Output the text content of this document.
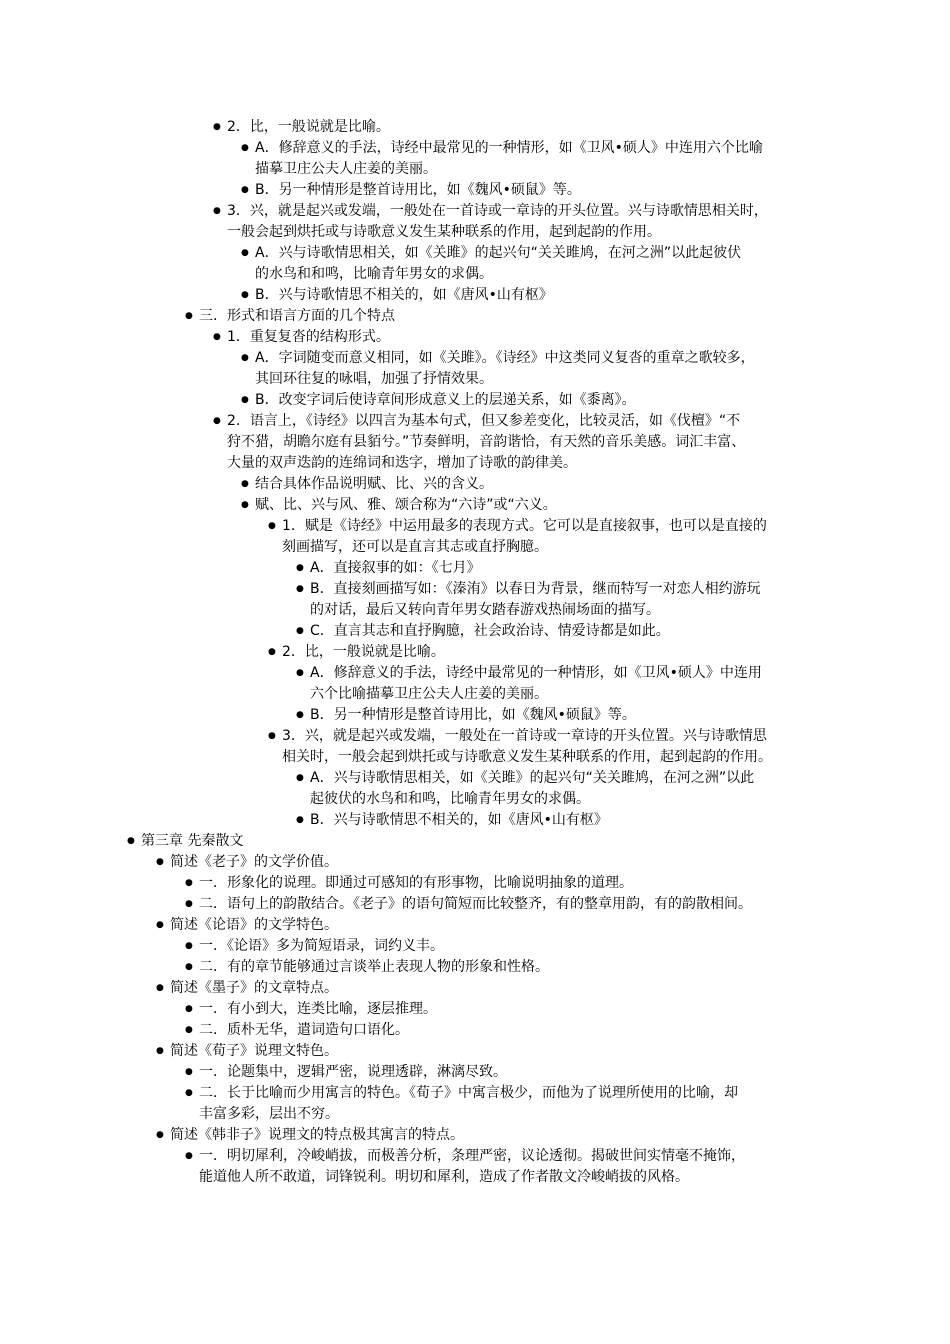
● 2．比，一般说就是比喻。
● A．修辞意义的手法，诗经中最常见的一种情形，如《卫风•硕人》中连用六个比喻
描摹卫庄公夫人庄姜的美丽。
● B．另一种情形是整首诗用比，如《魏风•硕鼠》等。
● 3．兴，就是起兴或发端，一般处在一首诗或一章诗的开头位置。兴与诗歌情思相关时，
一般会起到烘托或与诗歌意义发生某种联系的作用，起到起韵的作用。
● A．兴与诗歌情思相关，如《关雎》的起兴句“关关雎鸠，在河之洲”以此起彼伏
的水鸟和和鸣，比喻青年男女的求偶。
● B．兴与诗歌情思不相关的，如《唐风•山有枢》
● 三．形式和语言方面的几个特点
● 1．重复复沓的结构形式。
● A．字词随变而意义相同，如《关雎》。《诗经》中这类同义复沓的重章之歌较多，
其回环往复的咏唱，加强了抒情效果。
● B．改变字词后使诗章间形成意义上的层递关系，如《黍离》。
● 2．语言上，《诗经》以四言为基本句式，但又参差变化，比较灵活，如《伐檀》“不
狩不猎，胡瞻尔庭有县貊兮。”节奏鲜明，音韵谐恰，有天然的音乐美感。词汇丰富、
大量的双声迭韵的连绵词和迭字，增加了诗歌的韵律美。
● 结合具体作品说明赋、比、兴的含义。
● 赋、比、兴与风、雅、颂合称为“六诗”或“六义。
● 1．赋是《诗经》中运用最多的表现方式。它可以是直接叙事，也可以是直接的
刻画描写，还可以是直言其志或直抒胸臆。
● A．直接叙事的如：《七月》
● B．直接刻画描写如：《溱洧》以春日为背景，继而特写一对恋人相约游玩
的对话，最后又转向青年男女踏春游戏热闹场面的描写。
● C．直言其志和直抒胸臆，社会政治诗、情爱诗都是如此。
● 2．比，一般说就是比喻。
● A．修辞意义的手法，诗经中最常见的一种情形，如《卫风•硕人》中连用
六个比喻描摹卫庄公夫人庄姜的美丽。
● B．另一种情形是整首诗用比，如《魏风•硕鼠》等。
● 3．兴，就是起兴或发端，一般处在一首诗或一章诗的开头位置。兴与诗歌情思
相关时，一般会起到烘托或与诗歌意义发生某种联系的作用，起到起韵的作用。
● A．兴与诗歌情思相关，如《关雎》的起兴句“关关雎鸠，在河之洲”以此
起彼伏的水鸟和和鸣，比喻青年男女的求偶。
● B．兴与诗歌情思不相关的，如《唐风•山有枢》
● 第三章 先秦散文
● 简述《老子》的文学价值。
● 一．形象化的说理。即通过可感知的有形事物，比喻说明抽象的道理。
● 二．语句上的韵散结合。《老子》的语句简短而比较整齐，有的整章用韵，有的韵散相间。
● 简述《论语》的文学特色。
● 一．《论语》多为简短语录，词约义丰。
● 二．有的章节能够通过言谈举止表现人物的形象和性格。
● 简述《墨子》的文章特点。
● 一．有小到大，连类比喻，逐层推理。
● 二．质朴无华，遣词造句口语化。
● 简述《荀子》说理文特色。
● 一．论题集中，逻辑严密，说理透辟，淋漓尽致。
● 二．长于比喻而少用寓言的特色。《荀子》中寓言极少，而他为了说理所使用的比喻，却
丰富多彩，层出不穷。
● 简述《韩非子》说理文的特点极其寓言的特点。
● 一．明切犀利，冷峻峭拔，而极善分析，条理严密，议论透彻。揭破世间实情毫不掩饰，
能道他人所不敢道，词锋锐利。明切和犀利，造成了作者散文冷峻峭拔的风格。
